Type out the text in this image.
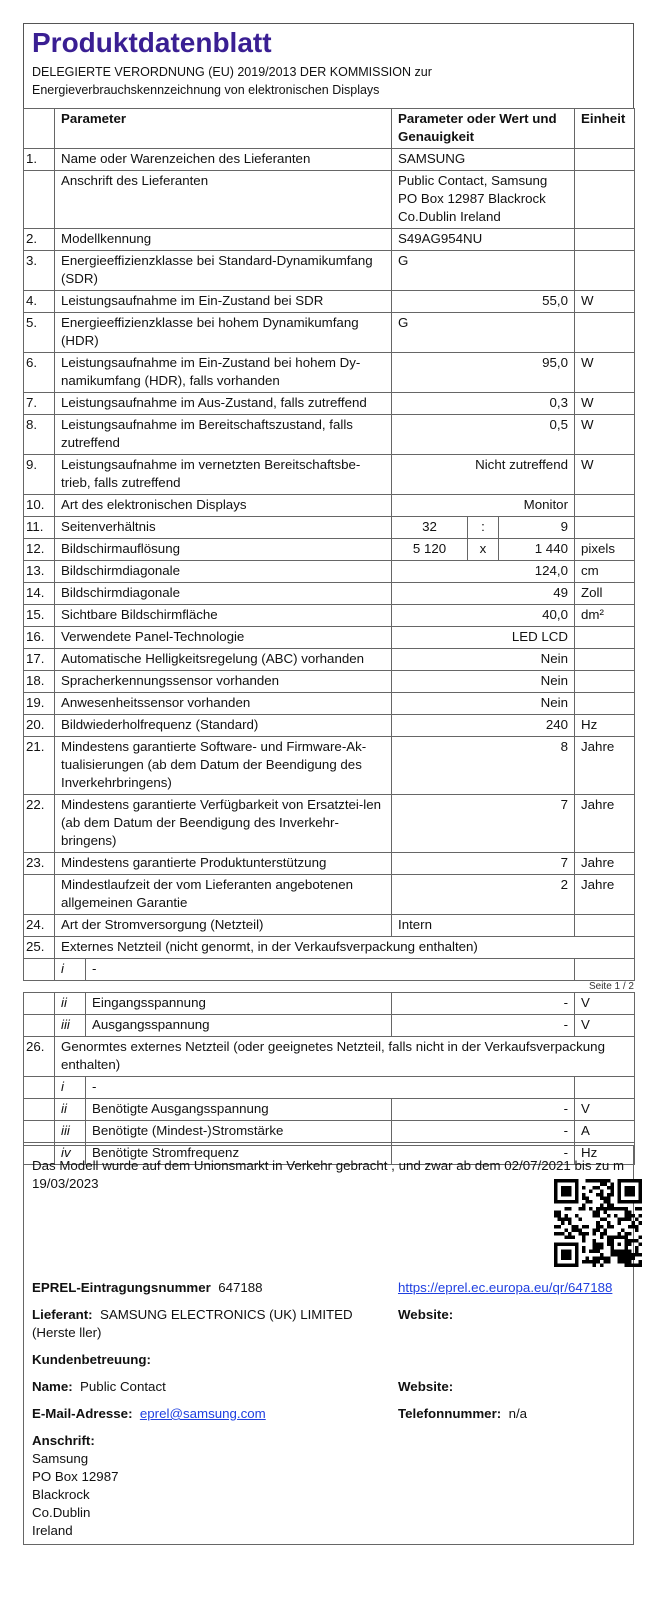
Produktdatenblatt
DELEGIERTE VERORDNUNG (EU) 2019/2013 DER KOMMISSION zur
Energieverbrauchskennzeichnung von elektronischen Displays
	Parameter		Parameter oder Wert und Genauigkeit			Einheit
1.	Name oder Warenzeichen des Lieferanten		SAMSUNG			
	Anschrift des Lieferanten		Public Contact, Samsung PO Box 12987 Blackrock Co.Dublin Ireland			
2.	Modellkennung		S49AG954NU			
3.	Energieeffizienzklasse bei Standard-Dynamikumfang (SDR)		G			
4.	Leistungsaufnahme im Ein-Zustand bei SDR		55,0			W
5.	Energieeffizienzklasse bei hohem Dynamikumfang (HDR)		G			
6.	Leistungsaufnahme im Ein-Zustand bei hohem Dy-namikumfang (HDR), falls vorhanden		95,0			W
7.	Leistungsaufnahme im Aus-Zustand, falls zutreffend		0,3			W
8.	Leistungsaufnahme im Bereitschaftszustand, falls zutreffend		0,5			W
9.	Leistungsaufnahme im vernetzten Bereitschaftsbe-trieb, falls zutreffend		Nicht zutreffend			W
10.	Art des elektronischen Displays		Monitor			
11.	Seitenverhältnis		32	:	9	
12.	Bildschirmauflösung		5 120	x	1 440	pixels
13.	Bildschirmdiagonale		124,0			cm
14.	Bildschirmdiagonale		49			Zoll
15.	Sichtbare Bildschirmfläche		40,0			dm²
16.	Verwendete Panel-Technologie		LED LCD			
17.	Automatische Helligkeitsregelung (ABC) vorhanden		Nein			
18.	Spracherkennungssensor vorhanden		Nein			
19.	Anwesenheitssensor vorhanden		Nein			
20.	Bildwiederholfrequenz (Standard)		240			Hz
21.	Mindestens garantierte Software- und Firmware-Ak-tualisierungen (ab dem Datum der Beendigung des Inverkehrbringens)		8			Jahre
22.	Mindestens garantierte Verfügbarkeit von Ersatztei-len (ab dem Datum der Beendigung des Inverkehr-bringens)		7			Jahre
23.	Mindestens garantierte Produktunterstützung		7			Jahre
	Mindestlaufzeit der vom Lieferanten angebotenen allgemeinen Garantie		2			Jahre
24.	Art der Stromversorgung (Netzteil)		Intern			
25.	Externes Netzteil (nicht genormt, in der Verkaufsverpackung enthalten)					
	i	-				
Seite 1 / 2
	ii	Eingangsspannung	-	V
	iii	Ausgangsspannung	-	V
26.	Genormtes externes Netzteil (oder geeignetes Netzteil, falls nicht in der Verkaufsverpackung enthalten)			
	i	-		
	ii	Benötigte Ausgangsspannung	-	V
	iii	Benötigte (Mindest-)Stromstärke	-	A
	iv	Benötigte Stromfrequenz	-	Hz
Das Modell wurde auf dem Unionsmarkt in Verkehr gebracht , und zwar ab dem 02/07/2021 bis zu m 19/03/2023
EPREL-Eintragungsnummer 647188	https://eprel.ec.europa.eu/qr/647188
Lieferant: SAMSUNG ELECTRONICS (UK) LIMITED (Herste ller)
Website:
Kundenbetreuung:
Name: Public Contact	Website:
E-Mail-Adresse: eprel@samsung.com	Telefonnummer: n/a
Anschrift:
Samsung
PO Box 12987
Blackrock
Co.Dublin
Ireland
